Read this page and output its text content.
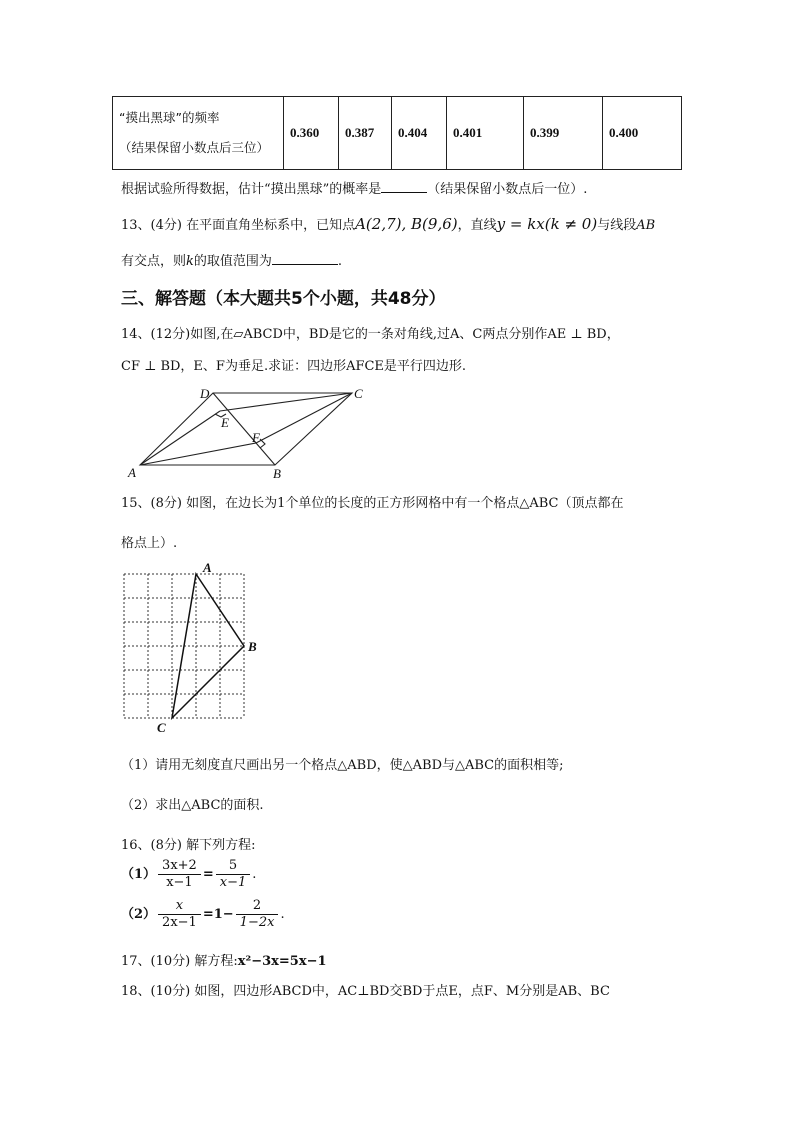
“摸出黑球”的频率
（结果保留小数点后三位）
	0.360	0.387	0.404	0.401	0.399	0.400
根据试验所得数据，估计“摸出黑球”的概率是	（结果保留小数点后一位）.
13、(4分) 在平面直角坐标系中，已知点A(2,7), B(9,6)，直线y = kx(k ≠ 0)与线段AB
有交点，则k的取值范围为	.
三、解答题（本大题共5个小题，共48分）
14、(12分)如图,在▱ABCD中，BD是它的一条对角线,过A、C两点分别作AE ⊥ BD，
CF ⊥ BD，E、F为垂足.求证：四边形AFCE是平行四边形.
A	B
C
D
E
F
15、(8分) 如图，在边长为1个单位的长度的正方形网格中有一个格点△ABC（顶点都在
格点上）.
A
B
C
（1）请用无刻度直尺画出另一个格点△ABD，使△ABD与△ABC的面积相等;
（2）求出△ABC的面积.
16、(8分) 解下列方程:
$(1) \frac{3x+2}{x-1} = \frac{5}{x-1}$ .
$(2) \frac{x}{2x-1} =1- \frac{2}{1-2x}$ .
17、(10分) 解方程:x²−3x=5x−1
18、(10分) 如图，四边形ABCD中，AC⊥BD交BD于点E，点F、M分别是AB、BC
